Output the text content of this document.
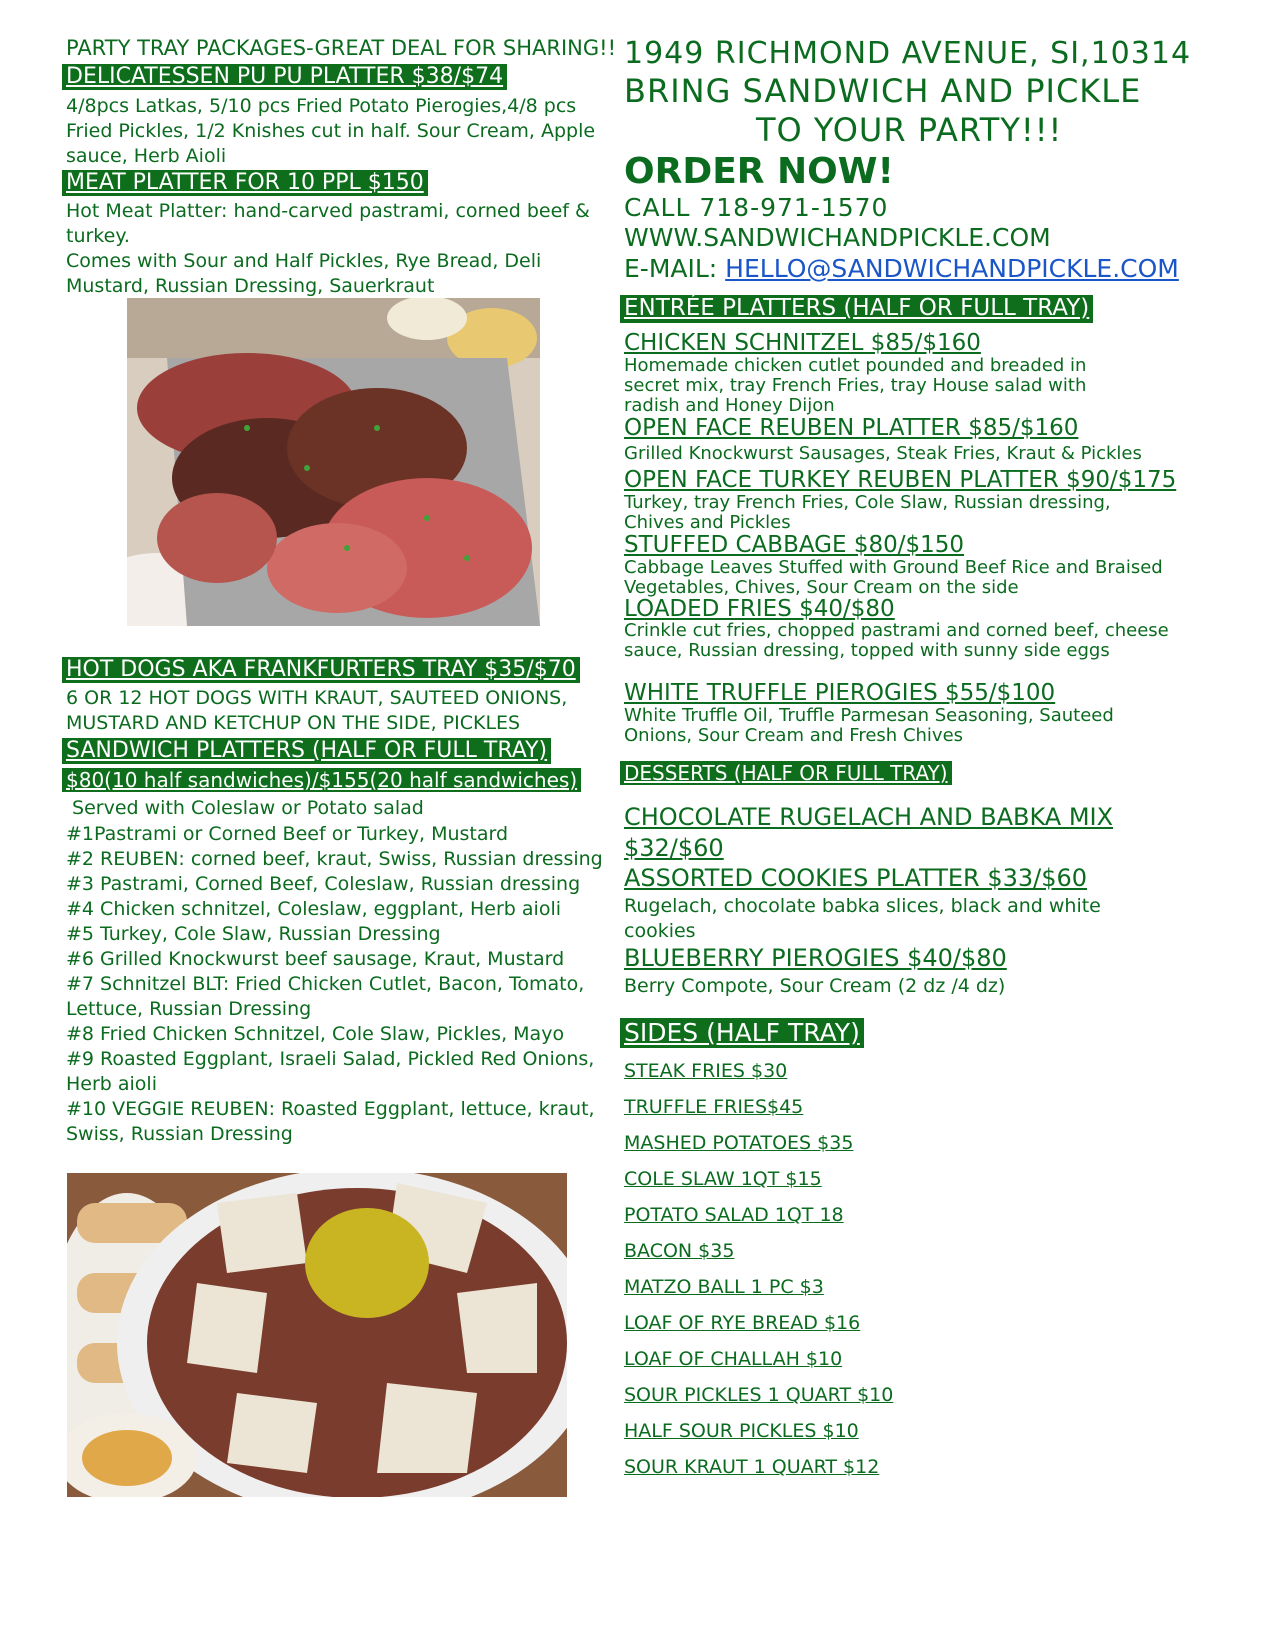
PARTY TRAY PACKAGES-GREAT DEAL FOR SHARING!!

DELICATESSEN PU PU PLATTER $38/$74

4/8pcs Latkas, 5/10 pcs Fried Potato Pierogies,4/8 pcs Fried Pickles, 1/2 Knishes cut in half. Sour Cream, Apple sauce, Herb Aioli

MEAT PLATTER FOR 10 PPL $150

Hot Meat Platter: hand-carved pastrami, corned beef & turkey.

Comes with Sour and Half Pickles, Rye Bread, Deli Mustard, Russian Dressing, Sauerkraut

HOT DOGS AKA FRANKFURTERS TRAY $35/$70

6 OR 12 HOT DOGS WITH KRAUT, SAUTEED ONIONS, MUSTARD AND KETCHUP ON THE SIDE, PICKLES

SANDWICH PLATTERS (HALF OR FULL TRAY)

$80(10 half sandwiches)/$155(20 half sandwiches)

Served with Coleslaw or Potato salad

#1Pastrami or Corned Beef or Turkey, Mustard

#2 REUBEN: corned beef, kraut, Swiss, Russian dressing

#3 Pastrami, Corned Beef, Coleslaw, Russian dressing

#4 Chicken schnitzel, Coleslaw, eggplant, Herb aioli

#5 Turkey, Cole Slaw, Russian Dressing

#6 Grilled Knockwurst beef sausage, Kraut, Mustard

#7 Schnitzel BLT: Fried Chicken Cutlet, Bacon, Tomato, Lettuce, Russian Dressing

#8 Fried Chicken Schnitzel, Cole Slaw, Pickles, Mayo

#9 Roasted Eggplant, Israeli Salad, Pickled Red Onions, Herb aioli

#10 VEGGIE REUBEN: Roasted Eggplant, lettuce, kraut, Swiss, Russian Dressing

1949 RICHMOND AVENUE, SI,10314

BRING SANDWICH AND PICKLE

TO YOUR PARTY!!!

ORDER NOW!

CALL 718-971-1570

WWW.SANDWICHANDPICKLE.COM

E-MAIL: HELLO@SANDWICHANDPICKLE.COM

ENTRÉE PLATTERS (HALF OR FULL TRAY)

CHICKEN SCHNITZEL $85/$160

Homemade chicken cutlet pounded and breaded in secret mix, tray French Fries, tray House salad with radish and Honey Dijon

OPEN FACE REUBEN PLATTER $85/$160

Grilled Knockwurst Sausages, Steak Fries, Kraut & Pickles

OPEN FACE TURKEY REUBEN PLATTER $90/$175

Turkey, tray French Fries, Cole Slaw, Russian dressing, Chives and Pickles

STUFFED CABBAGE $80/$150

Cabbage Leaves Stuffed with Ground Beef Rice and Braised Vegetables, Chives, Sour Cream on the side

LOADED FRIES $40/$80

Crinkle cut fries, chopped pastrami and corned beef, cheese sauce, Russian dressing, topped with sunny side eggs

WHITE TRUFFLE PIEROGIES $55/$100

White Truffle Oil, Truffle Parmesan Seasoning, Sauteed Onions, Sour Cream and Fresh Chives

DESSERTS (HALF OR FULL TRAY)

CHOCOLATE RUGELACH AND BABKA MIX

$32/$60

ASSORTED COOKIES PLATTER $33/$60

Rugelach, chocolate babka slices, black and white cookies

BLUEBERRY PIEROGIES $40/$80

Berry Compote, Sour Cream (2 dz /4 dz)

SIDES (HALF TRAY)

STEAK FRIES $30

TRUFFLE FRIES$45

MASHED POTATOES $35

COLE SLAW 1QT $15

POTATO SALAD 1QT 18

BACON $35

MATZO BALL 1 PC $3

LOAF OF RYE BREAD $16

LOAF OF CHALLAH $10

SOUR PICKLES 1 QUART $10

HALF SOUR PICKLES $10

SOUR KRAUT 1 QUART $12
